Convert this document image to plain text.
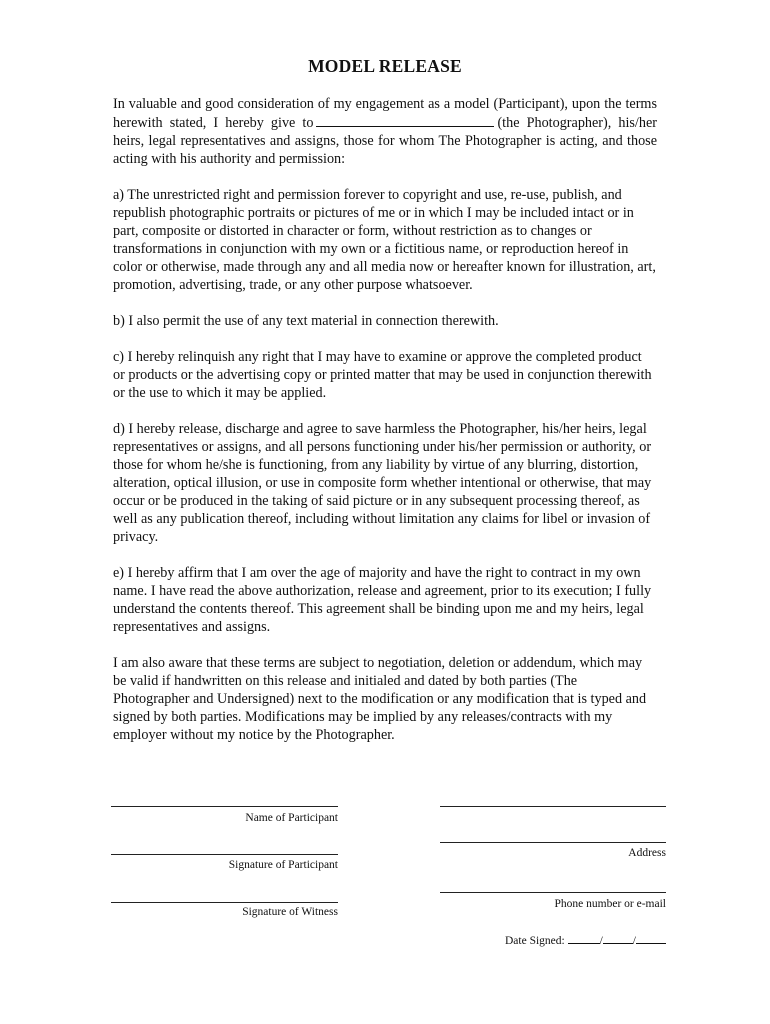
MODEL RELEASE

In valuable and good consideration of my engagement as a model (Participant), upon the terms herewith stated, I hereby give to	(the Photographer), his/her heirs, legal representatives and assigns, those for whom The Photographer is acting, and those acting with his authority and permission:

a) The unrestricted right and permission forever to copyright and use, re-use, publish, and republish photographic portraits or pictures of me or in which I may be included intact or in part, composite or distorted in character or form, without restriction as to changes or transformations in conjunction with my own or a fictitious name, or reproduction hereof in color or otherwise, made through any and all media now or hereafter known for illustration, art, promotion, advertising, trade, or any other purpose whatsoever.

b) I also permit the use of any text material in connection therewith.

c) I hereby relinquish any right that I may have to examine or approve the completed product or products or the advertising copy or printed matter that may be used in conjunction therewith or the use to which it may be applied.

d) I hereby release, discharge and agree to save harmless the Photographer, his/her heirs, legal representatives or assigns, and all persons functioning under his/her permission or authority, or those for whom he/she is functioning, from any liability by virtue of any blurring, distortion, alteration, optical illusion, or use in composite form whether intentional or otherwise, that may occur or be produced in the taking of said picture or in any subsequent processing thereof, as well as any publication thereof, including without limitation any claims for libel or invasion of privacy.

e) I hereby affirm that I am over the age of majority and have the right to contract in my own name. I have read the above authorization, release and agreement, prior to its execution; I fully understand the contents thereof. This agreement shall be binding upon me and my heirs, legal representatives and assigns.

I am also aware that these terms are subject to negotiation, deletion or addendum, which may be valid if handwritten on this release and initialed and dated by both parties (The Photographer and Undersigned) next to the modification or any modification that is typed and signed by both parties. Modifications may be implied by any releases/contracts with my employer without my notice by the Photographer.

Name of Participant
Signature of Participant
Signature of Witness
Address
Phone number or e-mail
Date Signed:	/	/
